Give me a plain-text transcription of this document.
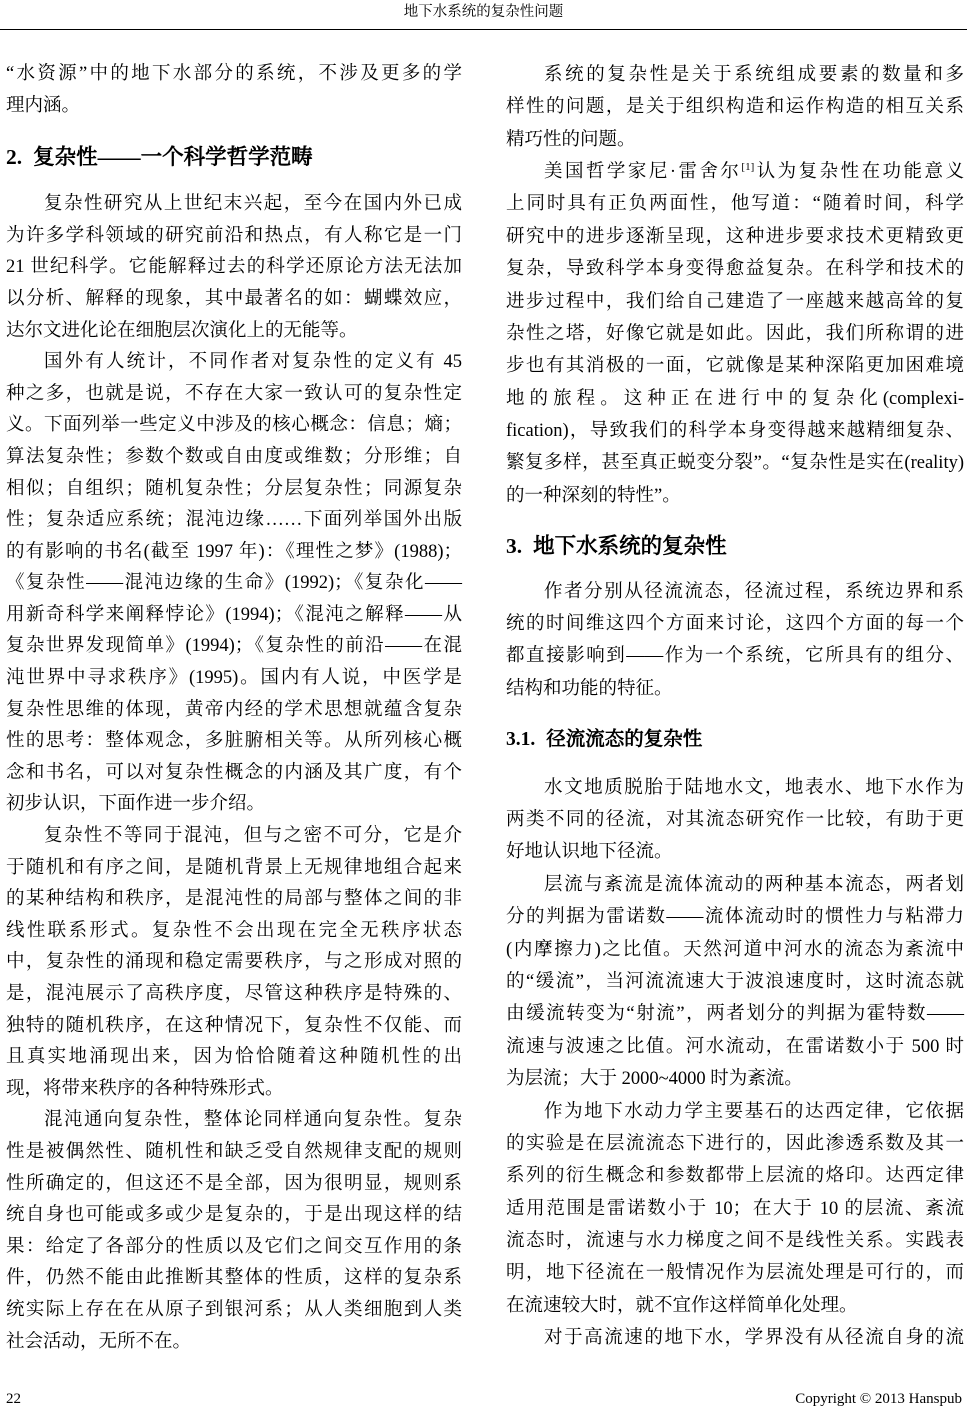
地下水系统的复杂性问题
“水资源”中的地下水部分的系统，不涉及更多的学
理内涵。
2. 复杂性——一个科学哲学范畴
复杂性研究从上世纪末兴起，至今在国内外已成
为许多学科领域的研究前沿和热点，有人称它是一门
21 世纪科学。它能解释过去的科学还原论方法无法加
以分析、解释的现象，其中最著名的如：蝴蝶效应，
达尔文进化论在细胞层次演化上的无能等。
国外有人统计，不同作者对复杂性的定义有 45
种之多，也就是说，不存在大家一致认可的复杂性定
义。下面列举一些定义中涉及的核心概念：信息；熵；
算法复杂性；参数个数或自由度或维数；分形维；自
相似；自组织；随机复杂性；分层复杂性；同源复杂
性；复杂适应系统；混沌边缘……下面列举国外出版
的有影响的书名(截至 1997 年)：《理性之梦》(1988)；
《复杂性——混沌边缘的生命》(1992)；《复杂化——
用新奇科学来阐释悖论》(1994)；《混沌之解释——从
复杂世界发现简单》(1994)；《复杂性的前沿——在混
沌世界中寻求秩序》(1995)。国内有人说，中医学是
复杂性思维的体现，黄帝内经的学术思想就蕴含复杂
性的思考：整体观念，多脏腑相关等。从所列核心概
念和书名，可以对复杂性概念的内涵及其广度，有个
初步认识，下面作进一步介绍。
复杂性不等同于混沌，但与之密不可分，它是介
于随机和有序之间，是随机背景上无规律地组合起来
的某种结构和秩序，是混沌性的局部与整体之间的非
线性联系形式。复杂性不会出现在完全无秩序状态
中，复杂性的涌现和稳定需要秩序，与之形成对照的
是，混沌展示了高秩序度，尽管这种秩序是特殊的、
独特的随机秩序，在这种情况下，复杂性不仅能、而
且真实地涌现出来，因为恰恰随着这种随机性的出
现，将带来秩序的各种特殊形式。
混沌通向复杂性，整体论同样通向复杂性。复杂
性是被偶然性、随机性和缺乏受自然规律支配的规则
性所确定的，但这还不是全部，因为很明显，规则系
统自身也可能或多或少是复杂的，于是出现这样的结
果：给定了各部分的性质以及它们之间交互作用的条
件，仍然不能由此推断其整体的性质，这样的复杂系
统实际上存在在从原子到银河系；从人类细胞到人类
社会活动，无所不在。
系统的复杂性是关于系统组成要素的数量和多
样性的问题，是关于组织构造和运作构造的相互关系
精巧性的问题。
美国哲学家尼·雷舍尔[1]认为复杂性在功能意义
上同时具有正负两面性，他写道：“随着时间，科学
研究中的进步逐渐呈现，这种进步要求技术更精致更
复杂，导致科学本身变得愈益复杂。在科学和技术的
进步过程中，我们给自己建造了一座越来越高耸的复
杂性之塔，好像它就是如此。因此，我们所称谓的进
步也有其消极的一面，它就像是某种深陷更加困难境
地的旅程。这种正在进行中的复杂化(complexi-
fication)，导致我们的科学本身变得越来越精细复杂、
繁复多样，甚至真正蜕变分裂”。“复杂性是实在(reality)
的一种深刻的特性”。
3. 地下水系统的复杂性
作者分别从径流流态，径流过程，系统边界和系
统的时间维这四个方面来讨论，这四个方面的每一个
都直接影响到——作为一个系统，它所具有的组分、
结构和功能的特征。
3.1. 径流流态的复杂性
水文地质脱胎于陆地水文，地表水、地下水作为
两类不同的径流，对其流态研究作一比较，有助于更
好地认识地下径流。
层流与紊流是流体流动的两种基本流态，两者划
分的判据为雷诺数——流体流动时的惯性力与粘滞力
(内摩擦力)之比值。天然河道中河水的流态为紊流中
的“缓流”，当河流流速大于波浪速度时，这时流态就
由缓流转变为“射流”，两者划分的判据为霍特数——
流速与波速之比值。河水流动，在雷诺数小于 500 时
为层流；大于 2000~4000 时为紊流。
作为地下水动力学主要基石的达西定律，它依据
的实验是在层流流态下进行的，因此渗透系数及其一
系列的衍生概念和参数都带上层流的烙印。达西定律
适用范围是雷诺数小于 10；在大于 10 的层流、紊流
流态时，流速与水力梯度之间不是线性关系。实践表
明，地下径流在一般情况作为层流处理是可行的，而
在流速较大时，就不宜作这样简单化处理。
对于高流速的地下水，学界没有从径流自身的流
22	Copyright © 2013 Hanspub
